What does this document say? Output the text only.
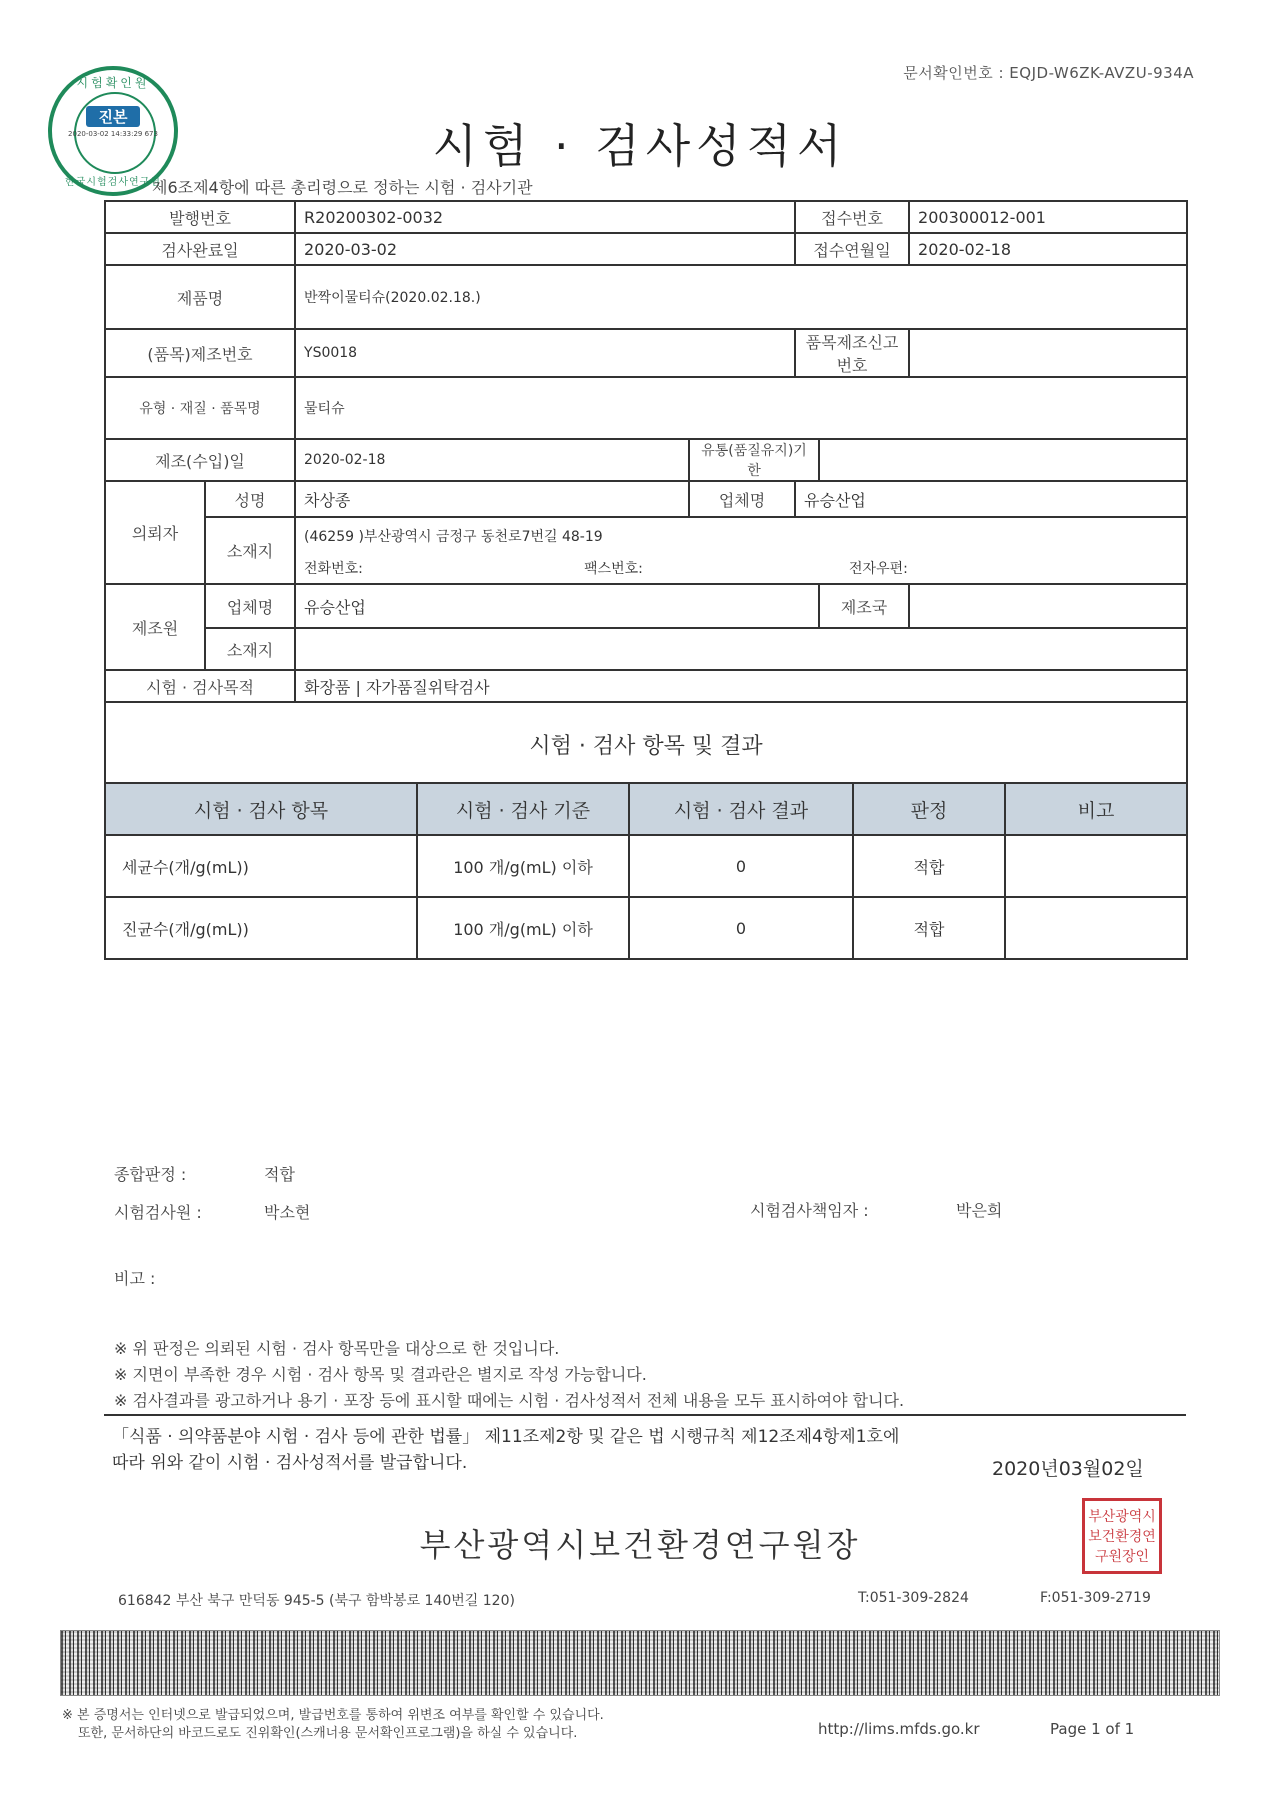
문서확인번호 : EQJD-W6ZK-AVZU-934A
시험확인원
진본
2020-03-02 14:33:29 673
한국시험검사연구원
시험 · 검사성적서
제6조제4항에 따른 총리령으로 정하는 시험 · 검사기관
발행번호		R20200302-0032		접수번호		200300012-001
검사완료일		2020-03-02		접수연월일		2020-02-18
제품명		반짝이물티슈(2020.02.18.)				
(품목)제조번호		YS0018		품목제조신고번호		
유형 · 재질 · 품목명		물티슈				
제조(수입)일		2020-02-18	유통(품질유지)기한			
의뢰자	성명	차상종	업체명	유승산업		
	소재지	(46259 )부산광역시 금정구 동천로7번길 48-19				
		전화번호: 팩스번호: 전자우편:				
제조원	업체명	유승산업			제조국	
	소재지					
시험 · 검사목적		화장품 | 자가품질위탁검사				
시험 · 검사 항목 및 결과						
시험 · 검사 항목	시험 · 검사 기준	시험 · 검사 결과	판정	비고
세균수(개/g(mL))	100 개/g(mL) 이하	0	적합	
진균수(개/g(mL))	100 개/g(mL) 이하	0	적합	
종합판정 :	적합
시험검사원 :	박소현	시험검사책임자 :	박은희
비고 :
※ 위 판정은 의뢰된 시험 · 검사 항목만을 대상으로 한 것입니다.
※ 지면이 부족한 경우 시험 · 검사 항목 및 결과란은 별지로 작성 가능합니다.
※ 검사결과를 광고하거나 용기 · 포장 등에 표시할 때에는 시험 · 검사성적서 전체 내용을 모두 표시하여야 합니다.
「식품 · 의약품분야 시험 · 검사 등에 관한 법률」 제11조제2항 및 같은 법 시행규칙 제12조제4항제1호에
따라 위와 같이 시험 · 검사성적서를 발급합니다.	2020년03월02일
부산광역시보건환경연구원장
부산광역시보건환경연구원장인
616842 부산 북구 만덕동 945-5 (북구 함박봉로 140번길 120)	T:051-309-2824	F:051-309-2719
※ 본 증명서는 인터넷으로 발급되었으며, 발급번호를 통하여 위변조 여부를 확인할 수 있습니다.
또한, 문서하단의 바코드로도 진위확인(스캐너용 문서확인프로그램)을 하실 수 있습니다.	http://lims.mfds.go.kr	Page 1 of 1
